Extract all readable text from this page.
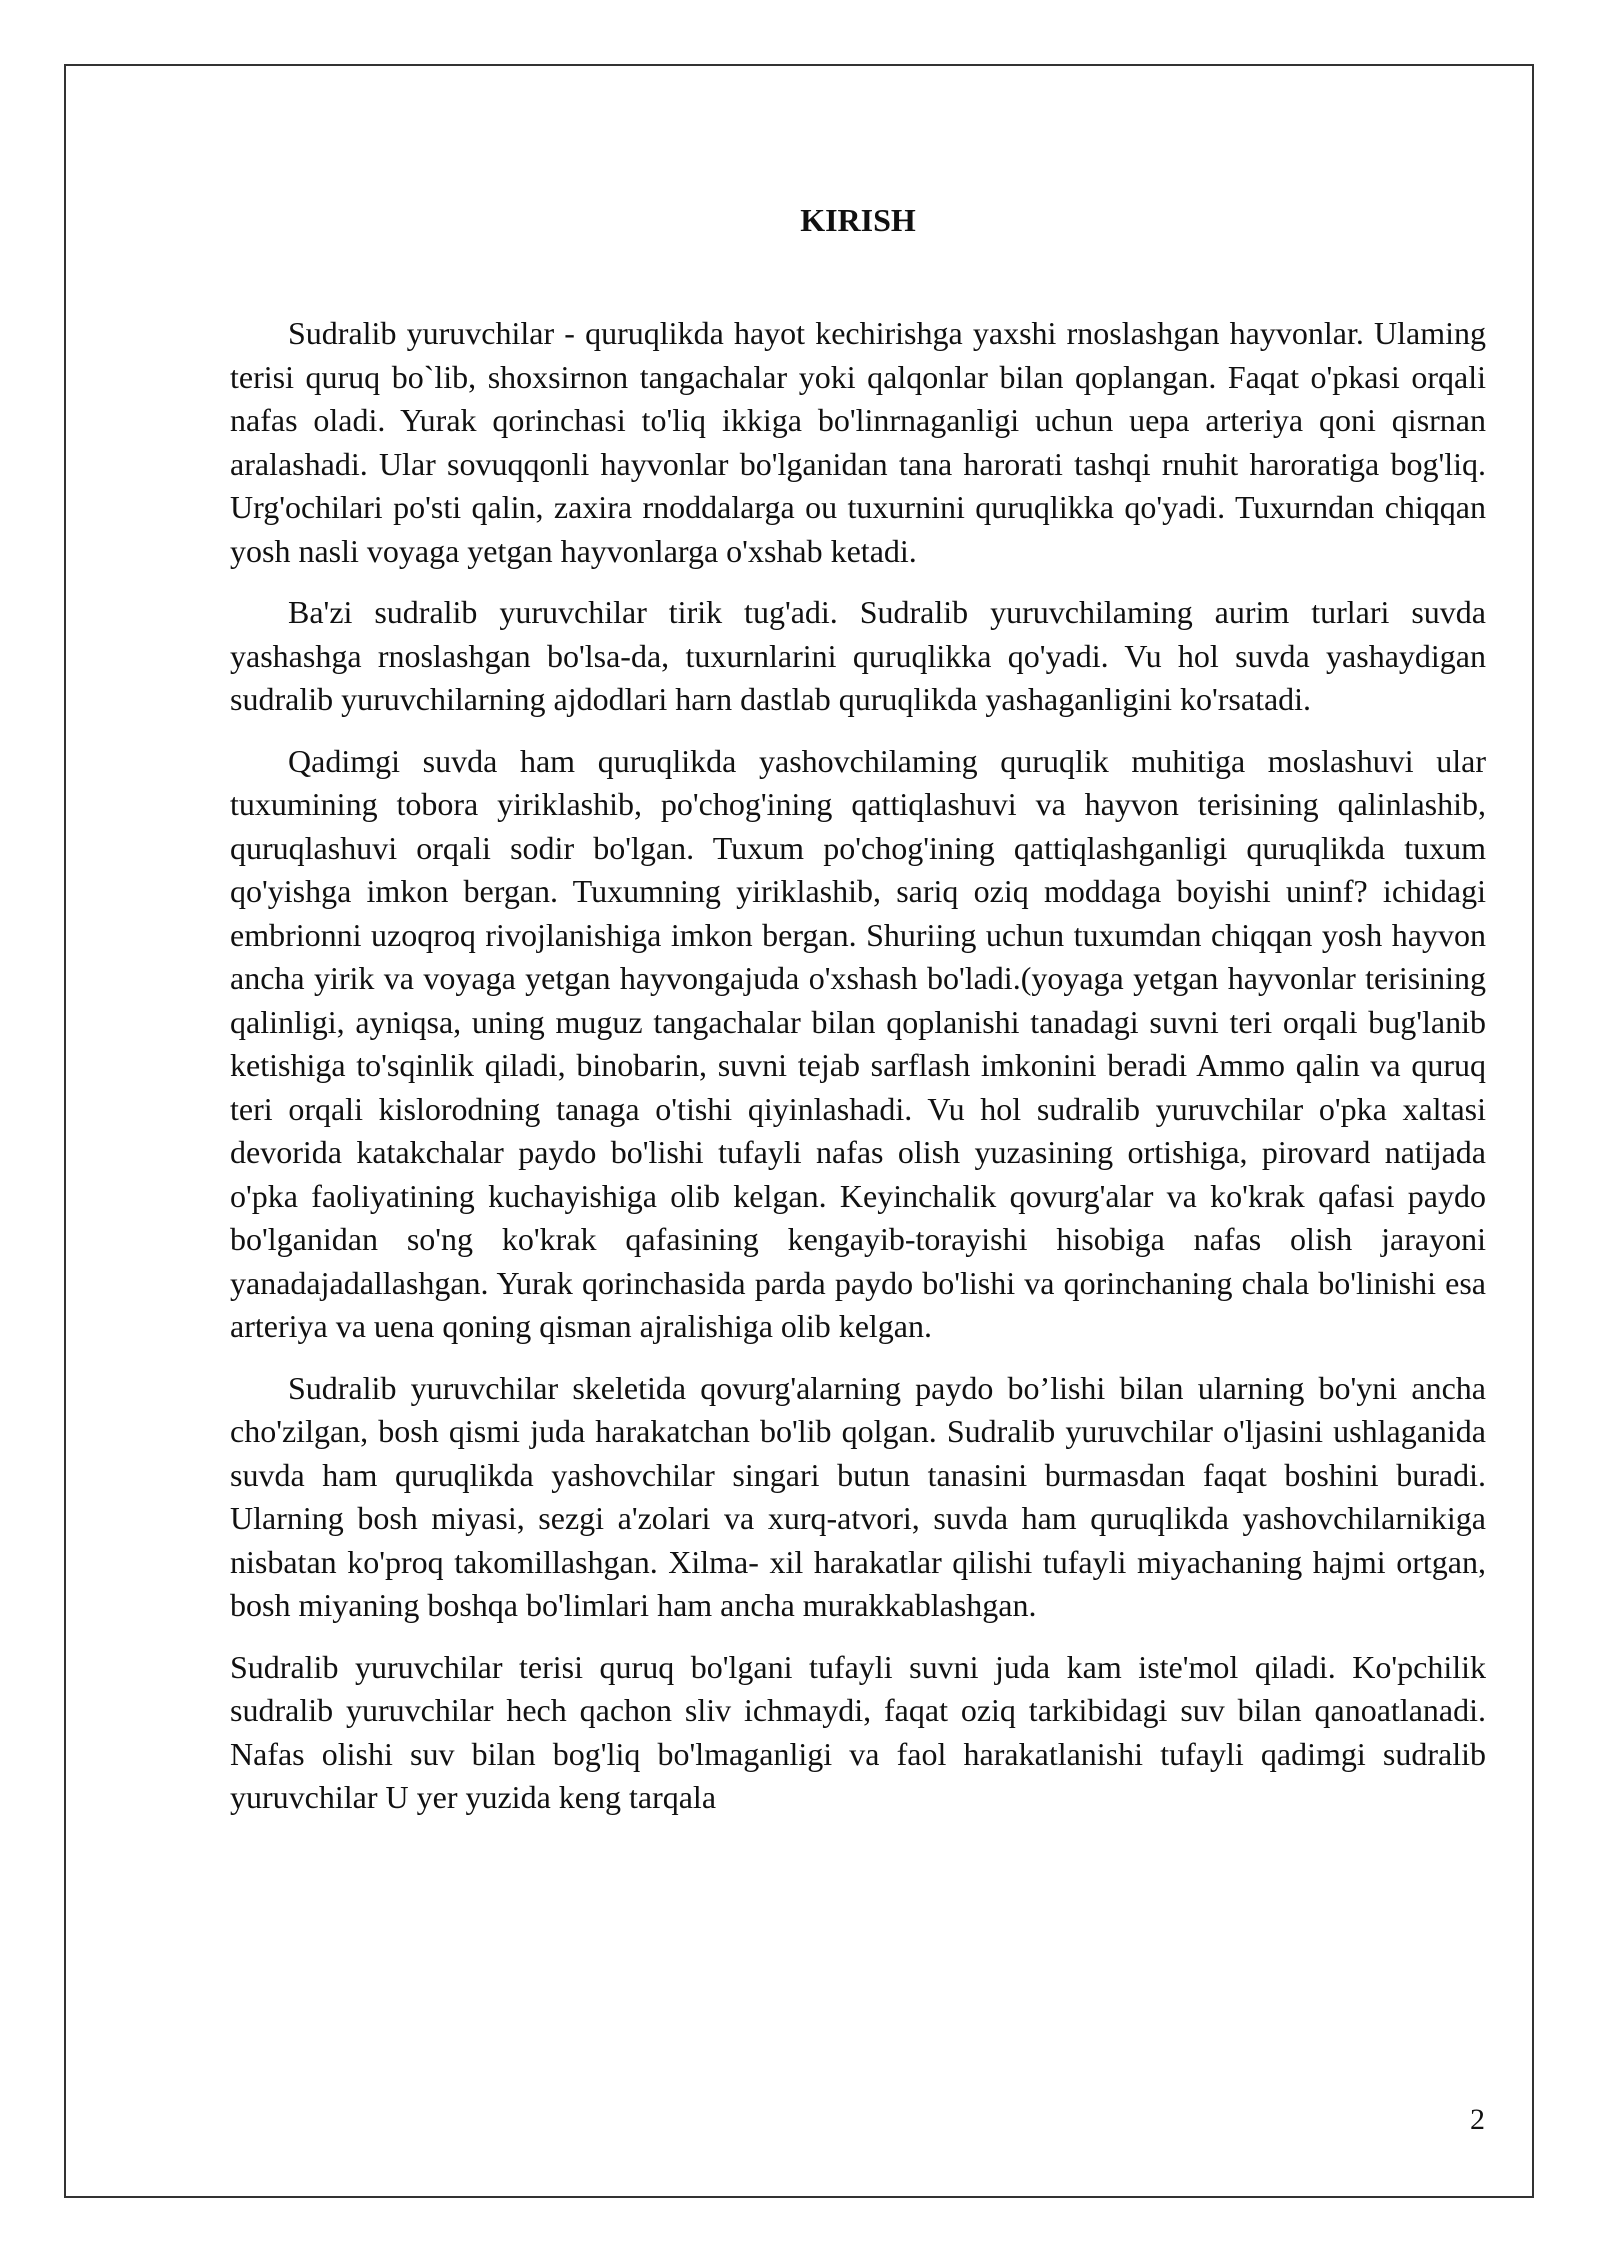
KIRISH

Sudralib yuruvchilar - quruqlikda hayot kechirishga yaxshi rnoslashgan hayvonlar. Ulaming terisi quruq bo`lib, shoxsirnon tangachalar yoki qalqonlar bilan qoplangan. Faqat o'pkasi orqali nafas oladi. Yurak qorinchasi to'liq ikkiga bo'linrnaganligi uchun uepa arteriya qoni qisrnan aralashadi. Ular sovuqqonli hayvonlar bo'lganidan tana harorati tashqi rnuhit haroratiga bog'liq. Urg'ochilari po'sti qalin, zaxira rnoddalarga ou tuxurnini quruqlikka qo'yadi. Tuxurndan chiqqan yosh nasli voyaga yetgan hayvonlarga o'xshab ketadi.

Ba'zi sudralib yuruvchilar tirik tug'adi. Sudralib yuruvchilaming aurim turlari suvda yashashga rnoslashgan bo'lsa-da, tuxurnlarini quruqlikka qo'yadi. Vu hol suvda yashaydigan sudralib yuruvchilarning ajdodlari harn dastlab quruqlikda yashaganligini ko'rsatadi.

Qadimgi suvda ham quruqlikda yashovchilaming quruqlik muhitiga moslashuvi ular tuxumining tobora yiriklashib, po'chog'ining qattiqlashuvi va hayvon terisining qalinlashib, quruqlashuvi orqali sodir bo'lgan. Tuxum po'chog'ining qattiqlashganligi quruqlikda tuxum qo'yishga imkon bergan. Tuxumning yiriklashib, sariq oziq moddaga boyishi uninf? ichidagi embrionni uzoqroq rivojlanishiga imkon bergan. Shuriing uchun tuxumdan chiqqan yosh hayvon ancha yirik va voyaga yetgan hayvongajuda o'xshash bo'ladi.(yoyaga yetgan hayvonlar terisining qalinligi, ayniqsa, uning muguz tangachalar bilan qoplanishi tanadagi suvni teri orqali bug'lanib ketishiga to'sqinlik qiladi, binobarin, suvni tejab sarflash imkonini beradi Ammo qalin va quruq teri orqali kislorodning tanaga o'tishi qiyinlashadi. Vu hol sudralib yuruvchilar o'pka xaltasi devorida katakchalar paydo bo'lishi tufayli nafas olish yuzasining ortishiga, pirovard natijada o'pka faoliyatining kuchayishiga olib kelgan. Keyinchalik qovurg'alar va ko'krak qafasi paydo bo'lganidan so'ng ko'krak qafasining kengayib-torayishi hisobiga nafas olish jarayoni yanadajadallashgan. Yurak qorinchasida parda paydo bo'lishi va qorinchaning chala bo'linishi esa arteriya va uena qoning qisman ajralishiga olib kelgan.

Sudralib yuruvchilar skeletida qovurg'alarning paydo bo’lishi bilan ularning bo'yni ancha cho'zilgan, bosh qismi juda harakatchan bo'lib qolgan. Sudralib yuruvchilar o'ljasini ushlaganida suvda ham quruqlikda yashovchilar singari butun tanasini burmasdan faqat boshini buradi. Ularning bosh miyasi, sezgi a'zolari va xurq-atvori, suvda ham quruqlikda yashovchilarnikiga nisbatan ko'proq takomillashgan. Xilma- xil harakatlar qilishi tufayli miyachaning hajmi ortgan, bosh miyaning boshqa bo'limlari ham ancha murakkablashgan.

Sudralib yuruvchilar terisi quruq bo'lgani tufayli suvni juda kam iste'mol qiladi. Ko'pchilik sudralib yuruvchilar hech qachon sliv ichmaydi, faqat oziq tarkibidagi suv bilan qanoatlanadi. Nafas olishi suv bilan bog'liq bo'lmaganligi va faol harakatlanishi tufayli qadimgi sudralib yuruvchilar U yer yuzida keng tarqala

2
